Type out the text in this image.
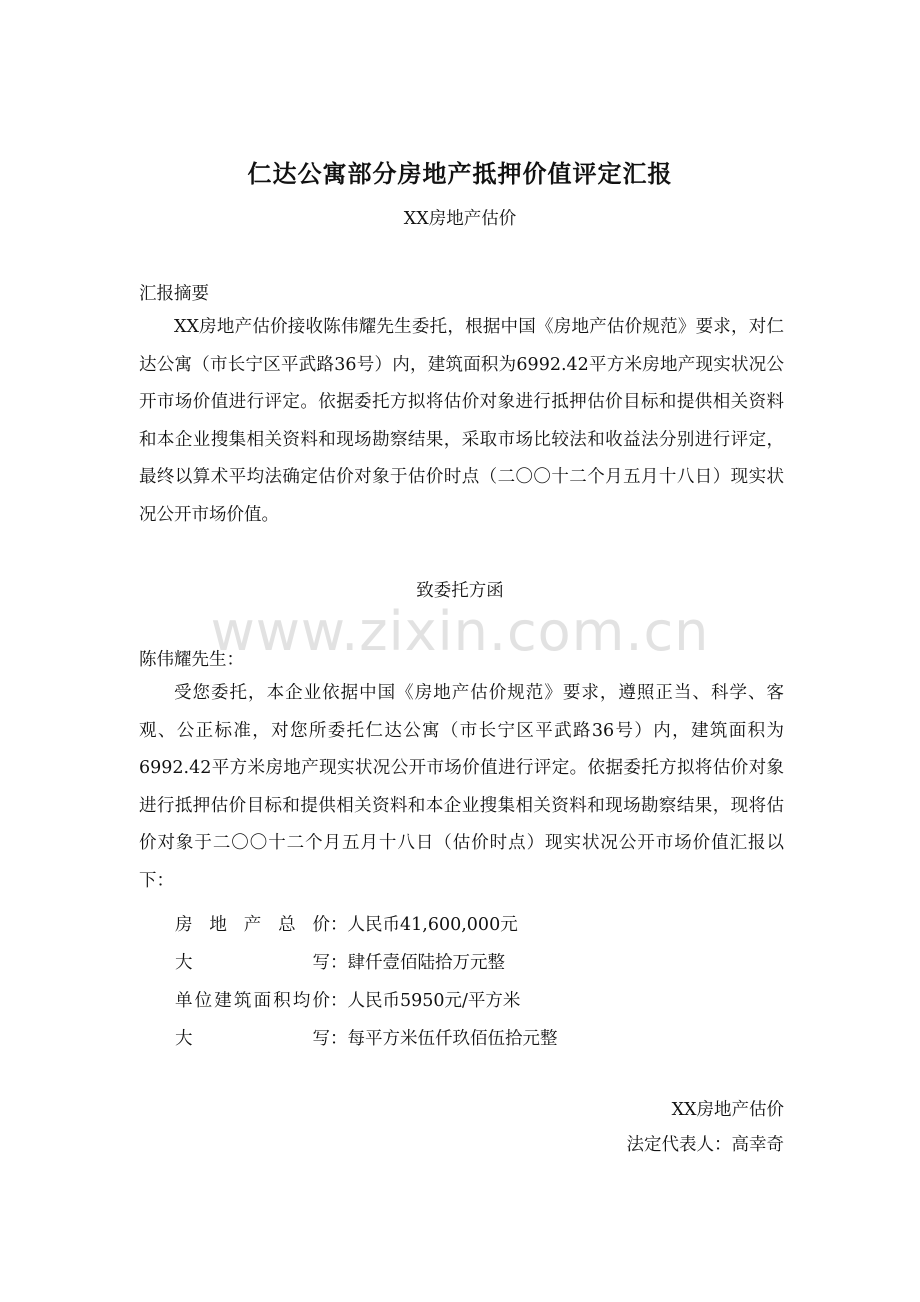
仁达公寓部分房地产抵押价值评定汇报
XX房地产估价
汇报摘要
XX房地产估价接收陈伟耀先生委托，根据中国《房地产估价规范》要求，对仁达公寓（市长宁区平武路36号）内，建筑面积为6992.42平方米房地产现实状况公开市场价值进行评定。依据委托方拟将估价对象进行抵押估价目标和提供相关资料和本企业搜集相关资料和现场勘察结果，采取市场比较法和收益法分别进行评定，最终以算术平均法确定估价对象于估价时点（二〇〇十二个月五月十八日）现实状况公开市场价值。
致委托方函
www.zixin.com.cn
陈伟耀先生：
受您委托，本企业依据中国《房地产估价规范》要求，遵照正当、科学、客观、公正标准，对您所委托仁达公寓（市长宁区平武路36号）内，建筑面积为6992.42平方米房地产现实状况公开市场价值进行评定。依据委托方拟将估价对象进行抵押估价目标和提供相关资料和本企业搜集相关资料和现场勘察结果，现将估价对象于二〇〇十二个月五月十八日（估价时点）现实状况公开市场价值汇报以下：
房 地 产 总 价：人民币41,600,000元
大 写：肆仟壹佰陆拾万元整
单位建筑面积均价：人民币5950元/平方米
大 写：每平方米伍仟玖佰伍拾元整
XX房地产估价
法定代表人：高幸奇
